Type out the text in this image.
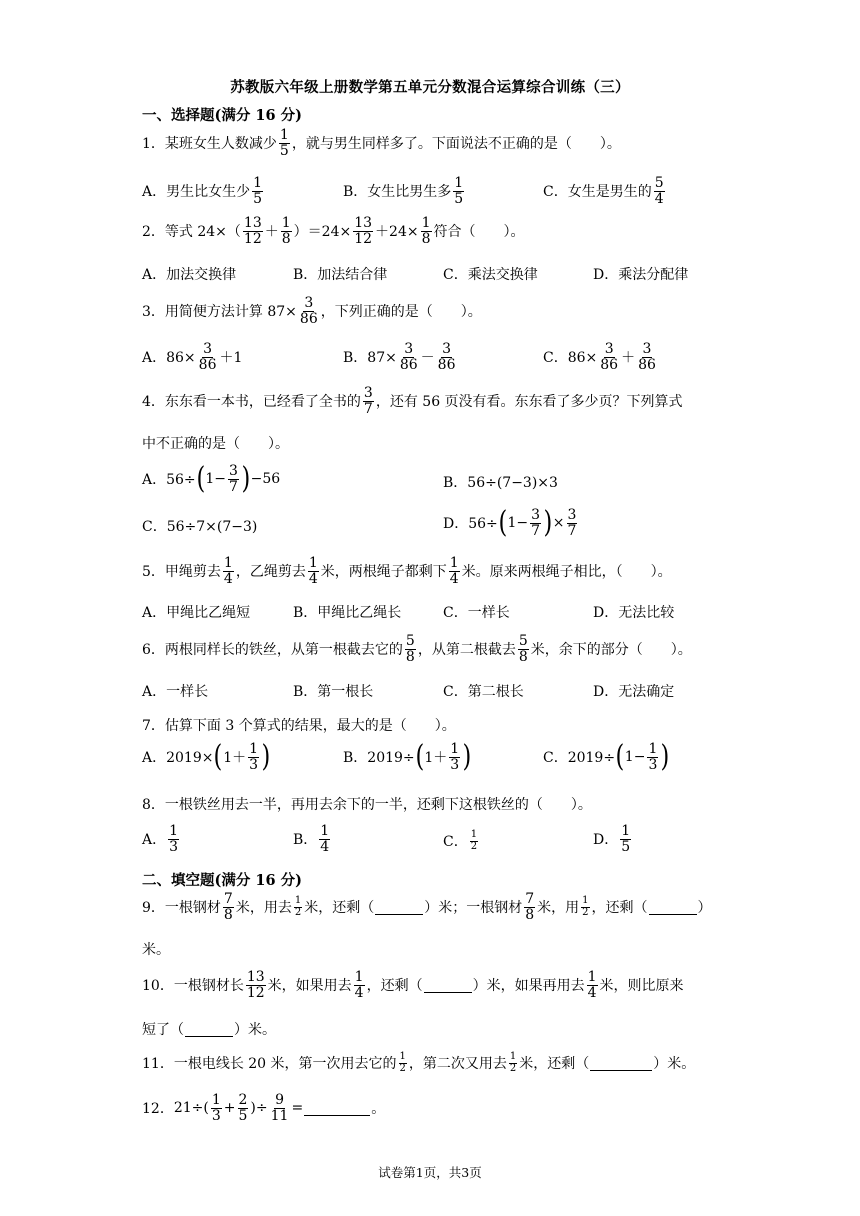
苏教版六年级上册数学第五单元分数混合运算综合训练（三）
一、选择题(满分 16 分)
1．某班女生人数减少 $\frac{1}{5}$ ，就与男生同样多了。下面说法不正确的是（　　）。
A．男生比女生少 $\frac{1}{5}$	B．女生比男生多 $\frac{1}{5}$	C．女生是男生的 $\frac{5}{4}$
2．等式 $24\times( \frac{13}{12} + \frac{1}{8} )=24\times \frac{13}{12} +24\times \frac{1}{8}$ 符合（　　）。
A．加法交换律	B．加法结合律	C．乘法交换律	D．乘法分配律
3．用简便方法计算 $87\times \frac{3}{86}$ ，下列正确的是（　　）。
A．$86\times \frac{3}{86} +1$	B．$87\times \frac{3}{86} - \frac{3}{86}$	C．$86\times \frac{3}{86} + \frac{3}{86}$
4．东东看一本书，已经看了全书的 $\frac{3}{7}$ ，还有 56 页没有看。东东看了多少页？下列算式
中不正确的是（　　）。
A．56÷ ( $1- \frac{3}{7}$ ) −56	B．56÷(7−3)×3
C．56÷7×(7−3)	D．56÷ ( $1- \frac{3}{7}$ ) × $\frac{3}{7}$
5．甲绳剪去 $\frac{1}{4}$ ，乙绳剪去 $\frac{1}{4}$ 米，两根绳子都剩下 $\frac{1}{4}$ 米。原来两根绳子相比，（　　）。
A．甲绳比乙绳短	B．甲绳比乙绳长	C．一样长	D．无法比较
6．两根同样长的铁丝，从第一根截去它的 $\frac{5}{8}$ ，从第二根截去 $\frac{5}{8}$ 米，余下的部分（　　）。
A．一样长	B．第一根长	C．第二根长	D．无法确定
7．估算下面 3 个算式的结果，最大的是（　　）。
A．2019× ( $1+ \frac{1}{3}$ )	B．2019÷ ( $1+ \frac{1}{3}$ )	C．2019÷ ( $1- \frac{1}{3}$ )
8．一根铁丝用去一半，再用去余下的一半，还剩下这根铁丝的（　　）。
A． $\frac{1}{3}$	B． $\frac{1}{4}$	C． $\frac{1}{2}$	D． $\frac{1}{5}$
二、填空题(满分 16 分)
9．一根钢材 $\frac{7}{8}$ 米，用去 $\frac{1}{2}$ 米，还剩（	）米；一根钢材 $\frac{7}{8}$ 米，用 $\frac{1}{2}$ ，还剩（	）
米。
10．一根钢材长 $\frac{13}{12}$ 米，如果用去 $\frac{1}{4}$ ，还剩（	）米，如果再用去 $\frac{1}{4}$ 米，则比原来
短了（	）米。
11．一根电线长 20 米，第一次用去它的 $\frac{1}{2}$ ，第二次又用去 $\frac{1}{2}$ 米，还剩（	）米。
12． $21\div( \frac{1}{3} + \frac{2}{5}$ )÷ $\frac{9}{11}$ =	。
试卷第1页，共3页
